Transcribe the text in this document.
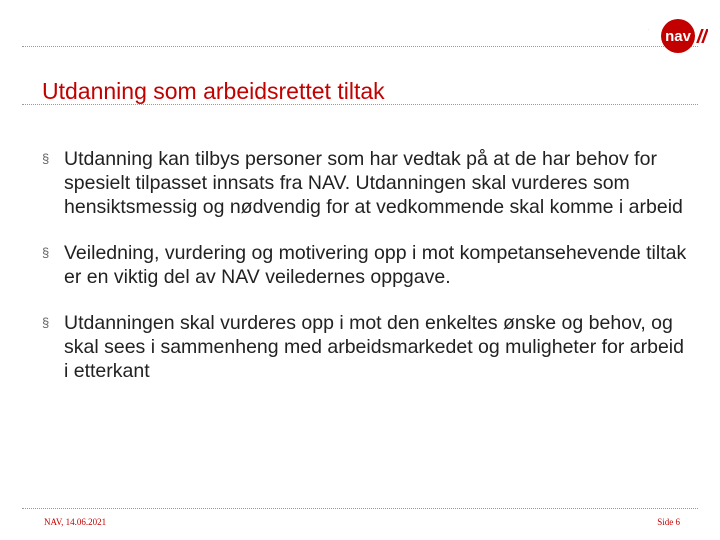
nav
Utdanning som arbeidsrettet tiltak
§ Utdanning kan tilbys personer som har vedtak på at de har behov for spesielt tilpasset innsats fra NAV. Utdanningen skal vurderes som hensiktsmessig og nødvendig for at vedkommende skal komme i arbeid
§ Veiledning, vurdering og motivering opp i mot kompetansehevende tiltak er en viktig del av NAV veiledernes oppgave.
§ Utdanningen skal vurderes opp i mot den enkeltes ønske og behov, og skal sees i sammenheng med arbeidsmarkedet og muligheter for arbeid i etterkant
NAV, 14.06.2021	Side 6
